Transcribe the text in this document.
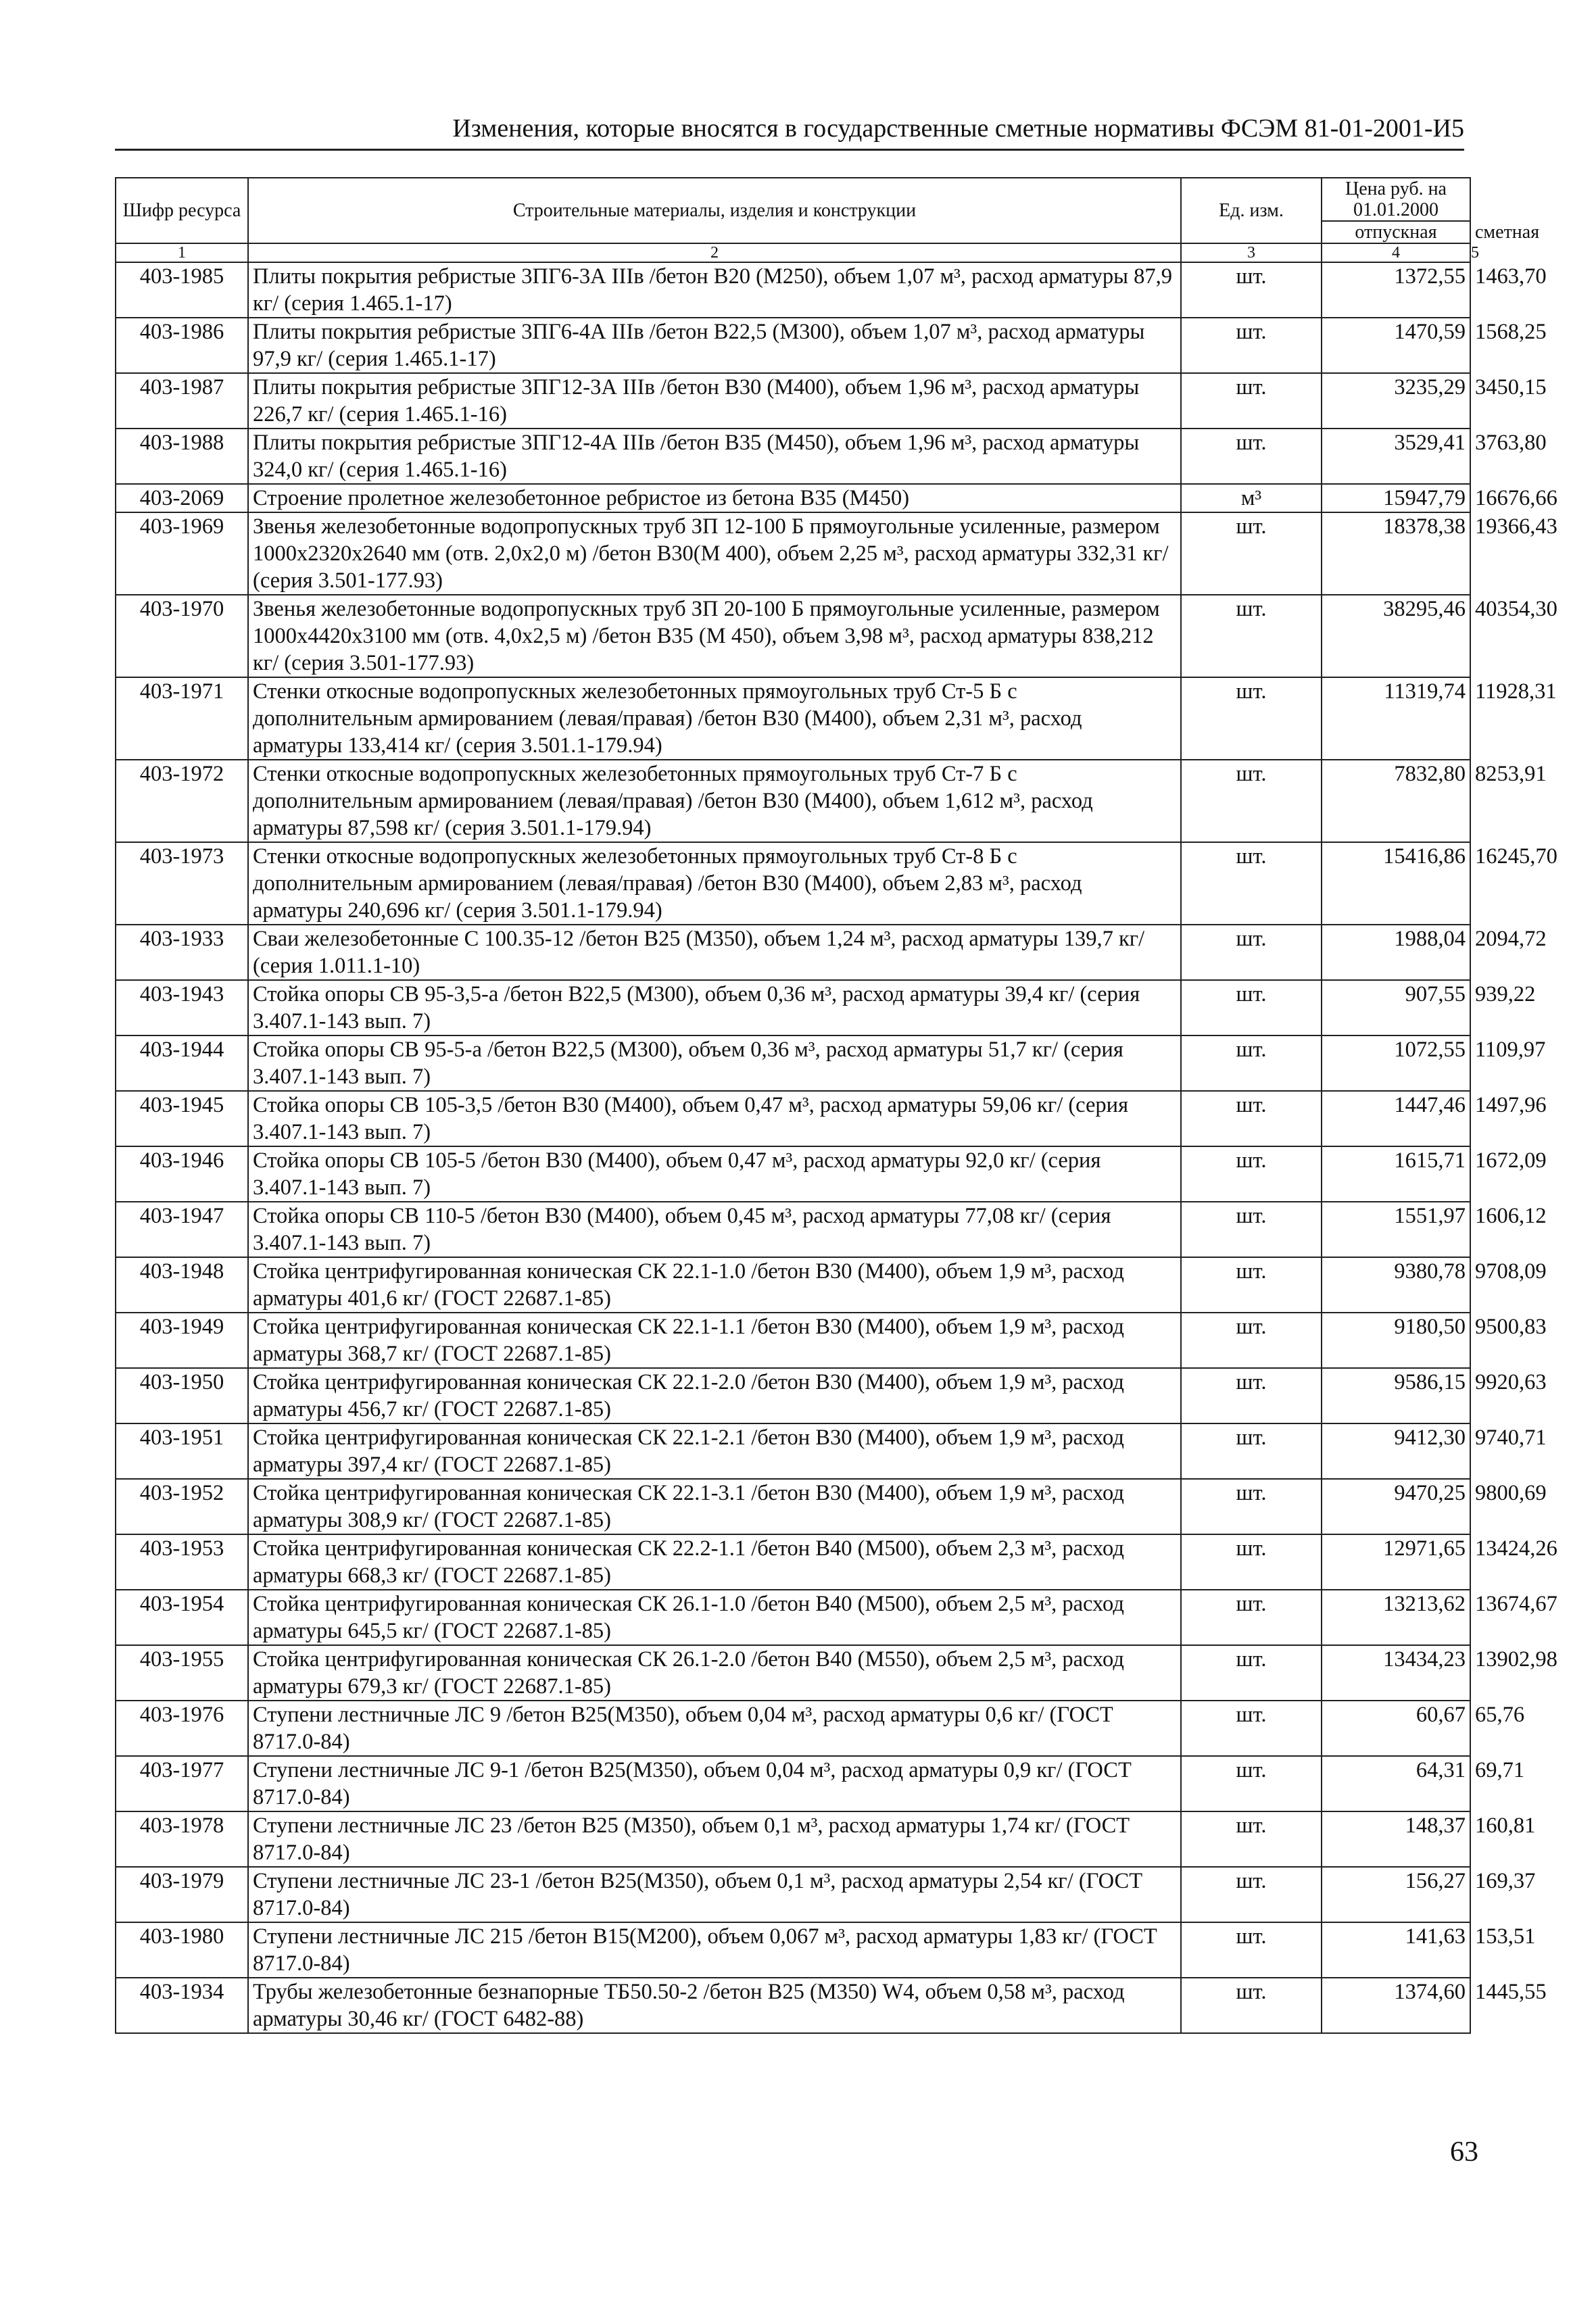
Изменения, которые вносятся в государственные сметные нормативы ФСЭМ 81-01-2001-И5
Шифр ресурса	Строительные материалы, изделия и конструкции	Ед. изм.	Цена руб. на 01.01.2000	
			отпускная	сметная
1	2	3	4	5
403-1985	Плиты покрытия ребристые 3ПГ6-3А IIIв /бетон В20 (М250), объем 1,07 м³, расход арматуры 87,9 кг/ (серия 1.465.1-17)	шт.	1372,55	1463,70
403-1986	Плиты покрытия ребристые 3ПГ6-4А IIIв /бетон В22,5 (М300), объем 1,07 м³, расход арматуры 97,9 кг/ (серия 1.465.1-17)	шт.	1470,59	1568,25
403-1987	Плиты покрытия ребристые 3ПГ12-3А IIIв /бетон В30 (М400), объем 1,96 м³, расход арматуры 226,7 кг/ (серия 1.465.1-16)	шт.	3235,29	3450,15
403-1988	Плиты покрытия ребристые 3ПГ12-4А IIIв /бетон В35 (М450), объем 1,96 м³, расход арматуры 324,0 кг/ (серия 1.465.1-16)	шт.	3529,41	3763,80
403-2069	Строение пролетное железобетонное ребристое из бетона В35 (М450)	м³	15947,79	16676,66
403-1969	Звенья железобетонные водопропускных труб ЗП 12-100 Б прямоугольные усиленные, размером 1000х2320х2640 мм (отв. 2,0х2,0 м) /бетон В30(М 400), объем 2,25 м³, расход арматуры 332,31 кг/ (серия 3.501-177.93)	шт.	18378,38	19366,43
403-1970	Звенья железобетонные водопропускных труб ЗП 20-100 Б прямоугольные усиленные, размером 1000х4420х3100 мм (отв. 4,0х2,5 м) /бетон В35 (М 450), объем 3,98 м³, расход арматуры 838,212 кг/ (серия 3.501-177.93)	шт.	38295,46	40354,30
403-1971	Стенки откосные водопропускных железобетонных прямоугольных труб Ст-5 Б с дополнительным армированием (левая/правая) /бетон В30 (М400), объем 2,31 м³, расход арматуры 133,414 кг/ (серия 3.501.1-179.94)	шт.	11319,74	11928,31
403-1972	Стенки откосные водопропускных железобетонных прямоугольных труб Ст-7 Б с дополнительным армированием (левая/правая) /бетон В30 (М400), объем 1,612 м³, расход арматуры 87,598 кг/ (серия 3.501.1-179.94)	шт.	7832,80	8253,91
403-1973	Стенки откосные водопропускных железобетонных прямоугольных труб Ст-8 Б с дополнительным армированием (левая/правая) /бетон В30 (М400), объем 2,83 м³, расход арматуры 240,696 кг/ (серия 3.501.1-179.94)	шт.	15416,86	16245,70
403-1933	Сваи железобетонные С 100.35-12 /бетон В25 (М350), объем 1,24 м³, расход арматуры 139,7 кг/ (серия 1.011.1-10)	шт.	1988,04	2094,72
403-1943	Стойка опоры СВ 95-3,5-а /бетон В22,5 (М300), объем 0,36 м³, расход арматуры 39,4 кг/ (серия 3.407.1-143 вып. 7)	шт.	907,55	939,22
403-1944	Стойка опоры СВ 95-5-а /бетон В22,5 (М300), объем 0,36 м³, расход арматуры 51,7 кг/ (серия 3.407.1-143 вып. 7)	шт.	1072,55	1109,97
403-1945	Стойка опоры СВ 105-3,5 /бетон В30 (М400), объем 0,47 м³, расход арматуры 59,06 кг/ (серия 3.407.1-143 вып. 7)	шт.	1447,46	1497,96
403-1946	Стойка опоры СВ 105-5 /бетон В30 (М400), объем 0,47 м³, расход арматуры 92,0 кг/ (серия 3.407.1-143 вып. 7)	шт.	1615,71	1672,09
403-1947	Стойка опоры СВ 110-5 /бетон В30 (М400), объем 0,45 м³, расход арматуры 77,08 кг/ (серия 3.407.1-143 вып. 7)	шт.	1551,97	1606,12
403-1948	Стойка центрифугированная коническая СК 22.1-1.0 /бетон В30 (М400), объем 1,9 м³, расход арматуры 401,6 кг/ (ГОСТ 22687.1-85)	шт.	9380,78	9708,09
403-1949	Стойка центрифугированная коническая СК 22.1-1.1 /бетон В30 (М400), объем 1,9 м³, расход арматуры 368,7 кг/ (ГОСТ 22687.1-85)	шт.	9180,50	9500,83
403-1950	Стойка центрифугированная коническая СК 22.1-2.0 /бетон В30 (М400), объем 1,9 м³, расход арматуры 456,7 кг/ (ГОСТ 22687.1-85)	шт.	9586,15	9920,63
403-1951	Стойка центрифугированная коническая СК 22.1-2.1 /бетон В30 (М400), объем 1,9 м³, расход арматуры 397,4 кг/ (ГОСТ 22687.1-85)	шт.	9412,30	9740,71
403-1952	Стойка центрифугированная коническая СК 22.1-3.1 /бетон В30 (М400), объем 1,9 м³, расход арматуры 308,9 кг/ (ГОСТ 22687.1-85)	шт.	9470,25	9800,69
403-1953	Стойка центрифугированная коническая СК 22.2-1.1 /бетон В40 (М500), объем 2,3 м³, расход арматуры 668,3 кг/ (ГОСТ 22687.1-85)	шт.	12971,65	13424,26
403-1954	Стойка центрифугированная коническая СК 26.1-1.0 /бетон В40 (М500), объем 2,5 м³, расход арматуры 645,5 кг/ (ГОСТ 22687.1-85)	шт.	13213,62	13674,67
403-1955	Стойка центрифугированная коническая СК 26.1-2.0 /бетон В40 (М550), объем 2,5 м³, расход арматуры 679,3 кг/ (ГОСТ 22687.1-85)	шт.	13434,23	13902,98
403-1976	Ступени лестничные ЛС 9 /бетон В25(М350), объем 0,04 м³, расход арматуры 0,6 кг/ (ГОСТ 8717.0-84)	шт.	60,67	65,76
403-1977	Ступени лестничные ЛС 9-1 /бетон В25(М350), объем 0,04 м³, расход арматуры 0,9 кг/ (ГОСТ 8717.0-84)	шт.	64,31	69,71
403-1978	Ступени лестничные ЛС 23 /бетон В25 (М350), объем 0,1 м³, расход арматуры 1,74 кг/ (ГОСТ 8717.0-84)	шт.	148,37	160,81
403-1979	Ступени лестничные ЛС 23-1 /бетон В25(М350), объем 0,1 м³, расход арматуры 2,54 кг/ (ГОСТ 8717.0-84)	шт.	156,27	169,37
403-1980	Ступени лестничные ЛС 215 /бетон В15(М200), объем 0,067 м³, расход арматуры 1,83 кг/ (ГОСТ 8717.0-84)	шт.	141,63	153,51
403-1934	Трубы железобетонные безнапорные ТБ50.50-2 /бетон В25 (М350) W4, объем 0,58 м³, расход арматуры 30,46 кг/ (ГОСТ 6482-88)	шт.	1374,60	1445,55
63
